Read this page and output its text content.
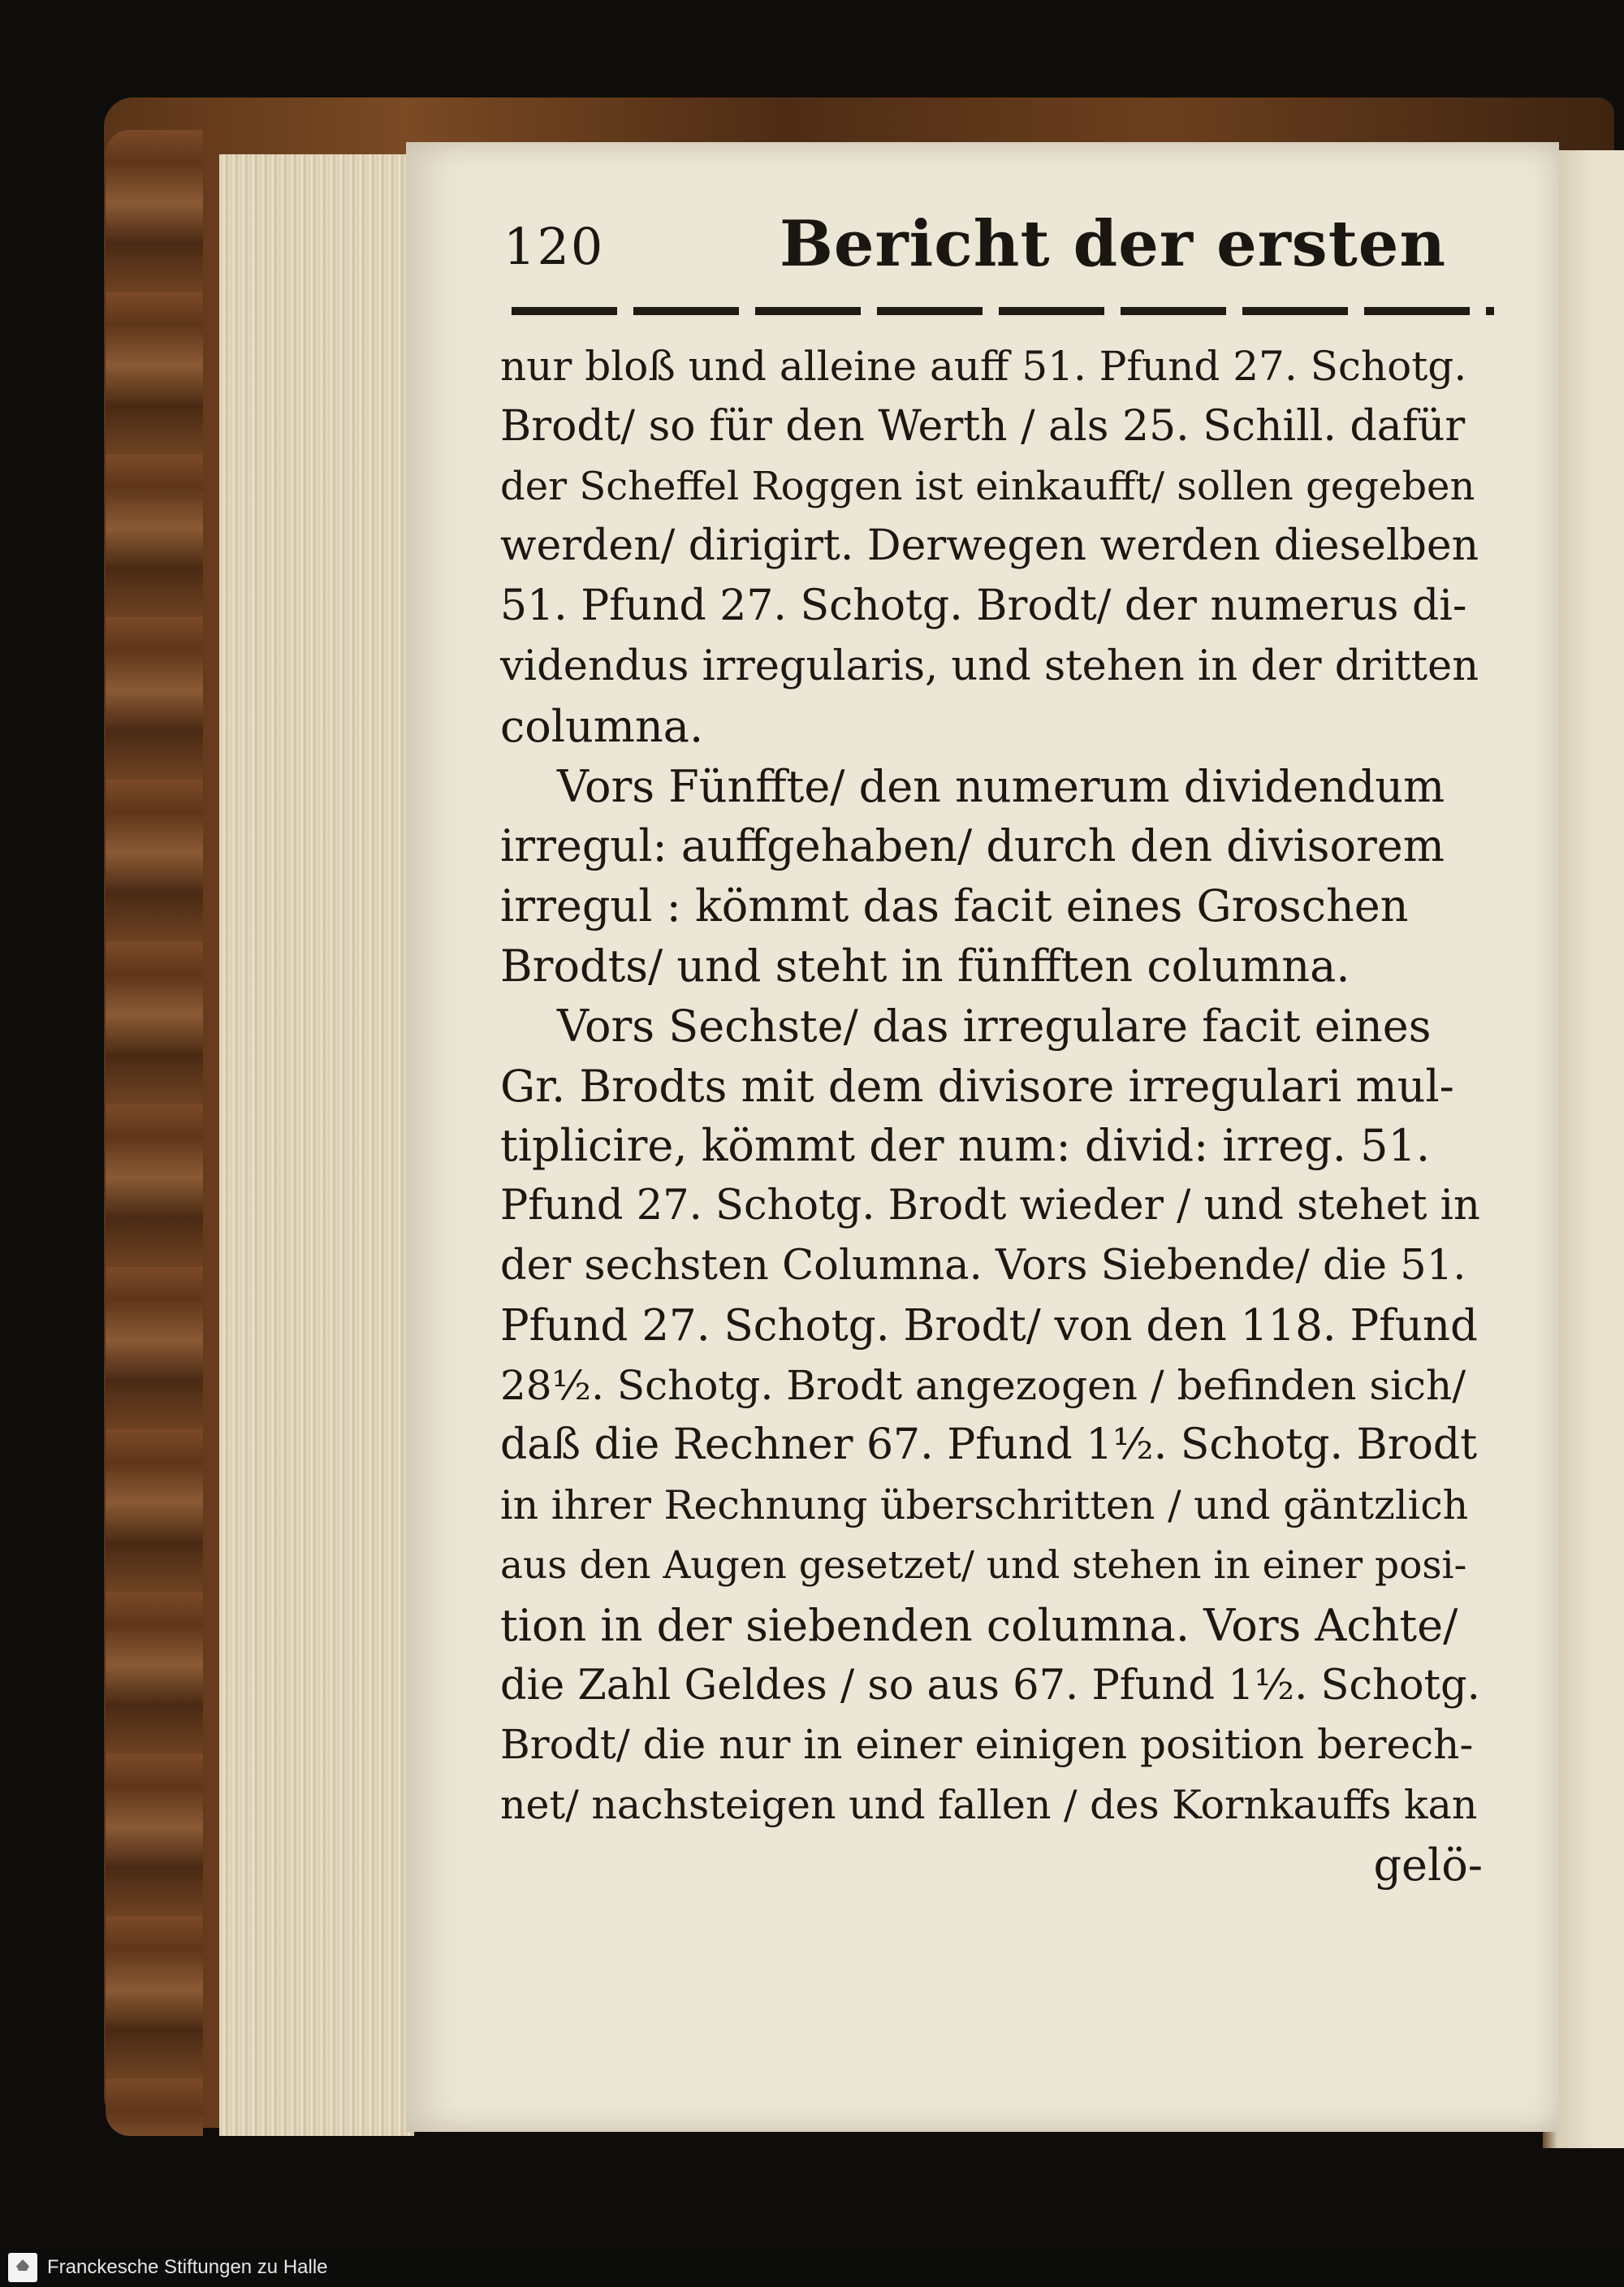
120	Bericht der ersten
nur bloß und alleine auff 51. Pfund 27. Schotg.
Brodt/ so für den Werth / als 25. Schill. dafür
der Scheffel Roggen ist einkaufft/ sollen gegeben
werden/ dirigirt. Derwegen werden dieselben
51. Pfund 27. Schotg. Brodt/ der numerus di-
videndus irregularis, und stehen in der dritten
columna.
Vors Fünffte/ den numerum dividendum
irregul: auffgehaben/ durch den divisorem
irregul : kömmt das facit eines Groschen
Brodts/ und steht in fünfften columna.
Vors Sechste/ das irregulare facit eines
Gr. Brodts mit dem divisore irregulari mul-
tiplicire, kömmt der num: divid: irreg. 51.
Pfund 27. Schotg. Brodt wieder / und stehet in
der sechsten Columna. Vors Siebende/ die 51.
Pfund 27. Schotg. Brodt/ von den 118. Pfund
28½. Schotg. Brodt angezogen / befinden sich/
daß die Rechner 67. Pfund 1½. Schotg. Brodt
in ihrer Rechnung überschritten / und gäntzlich
aus den Augen gesetzet/ und stehen in einer posi-
tion in der siebenden columna. Vors Achte/
die Zahl Geldes / so aus 67. Pfund 1½. Schotg.
Brodt/ die nur in einer einigen position berech-
net/ nachsteigen und fallen / des Kornkauffs kan
gelö-
Franckesche Stiftungen zu Halle
